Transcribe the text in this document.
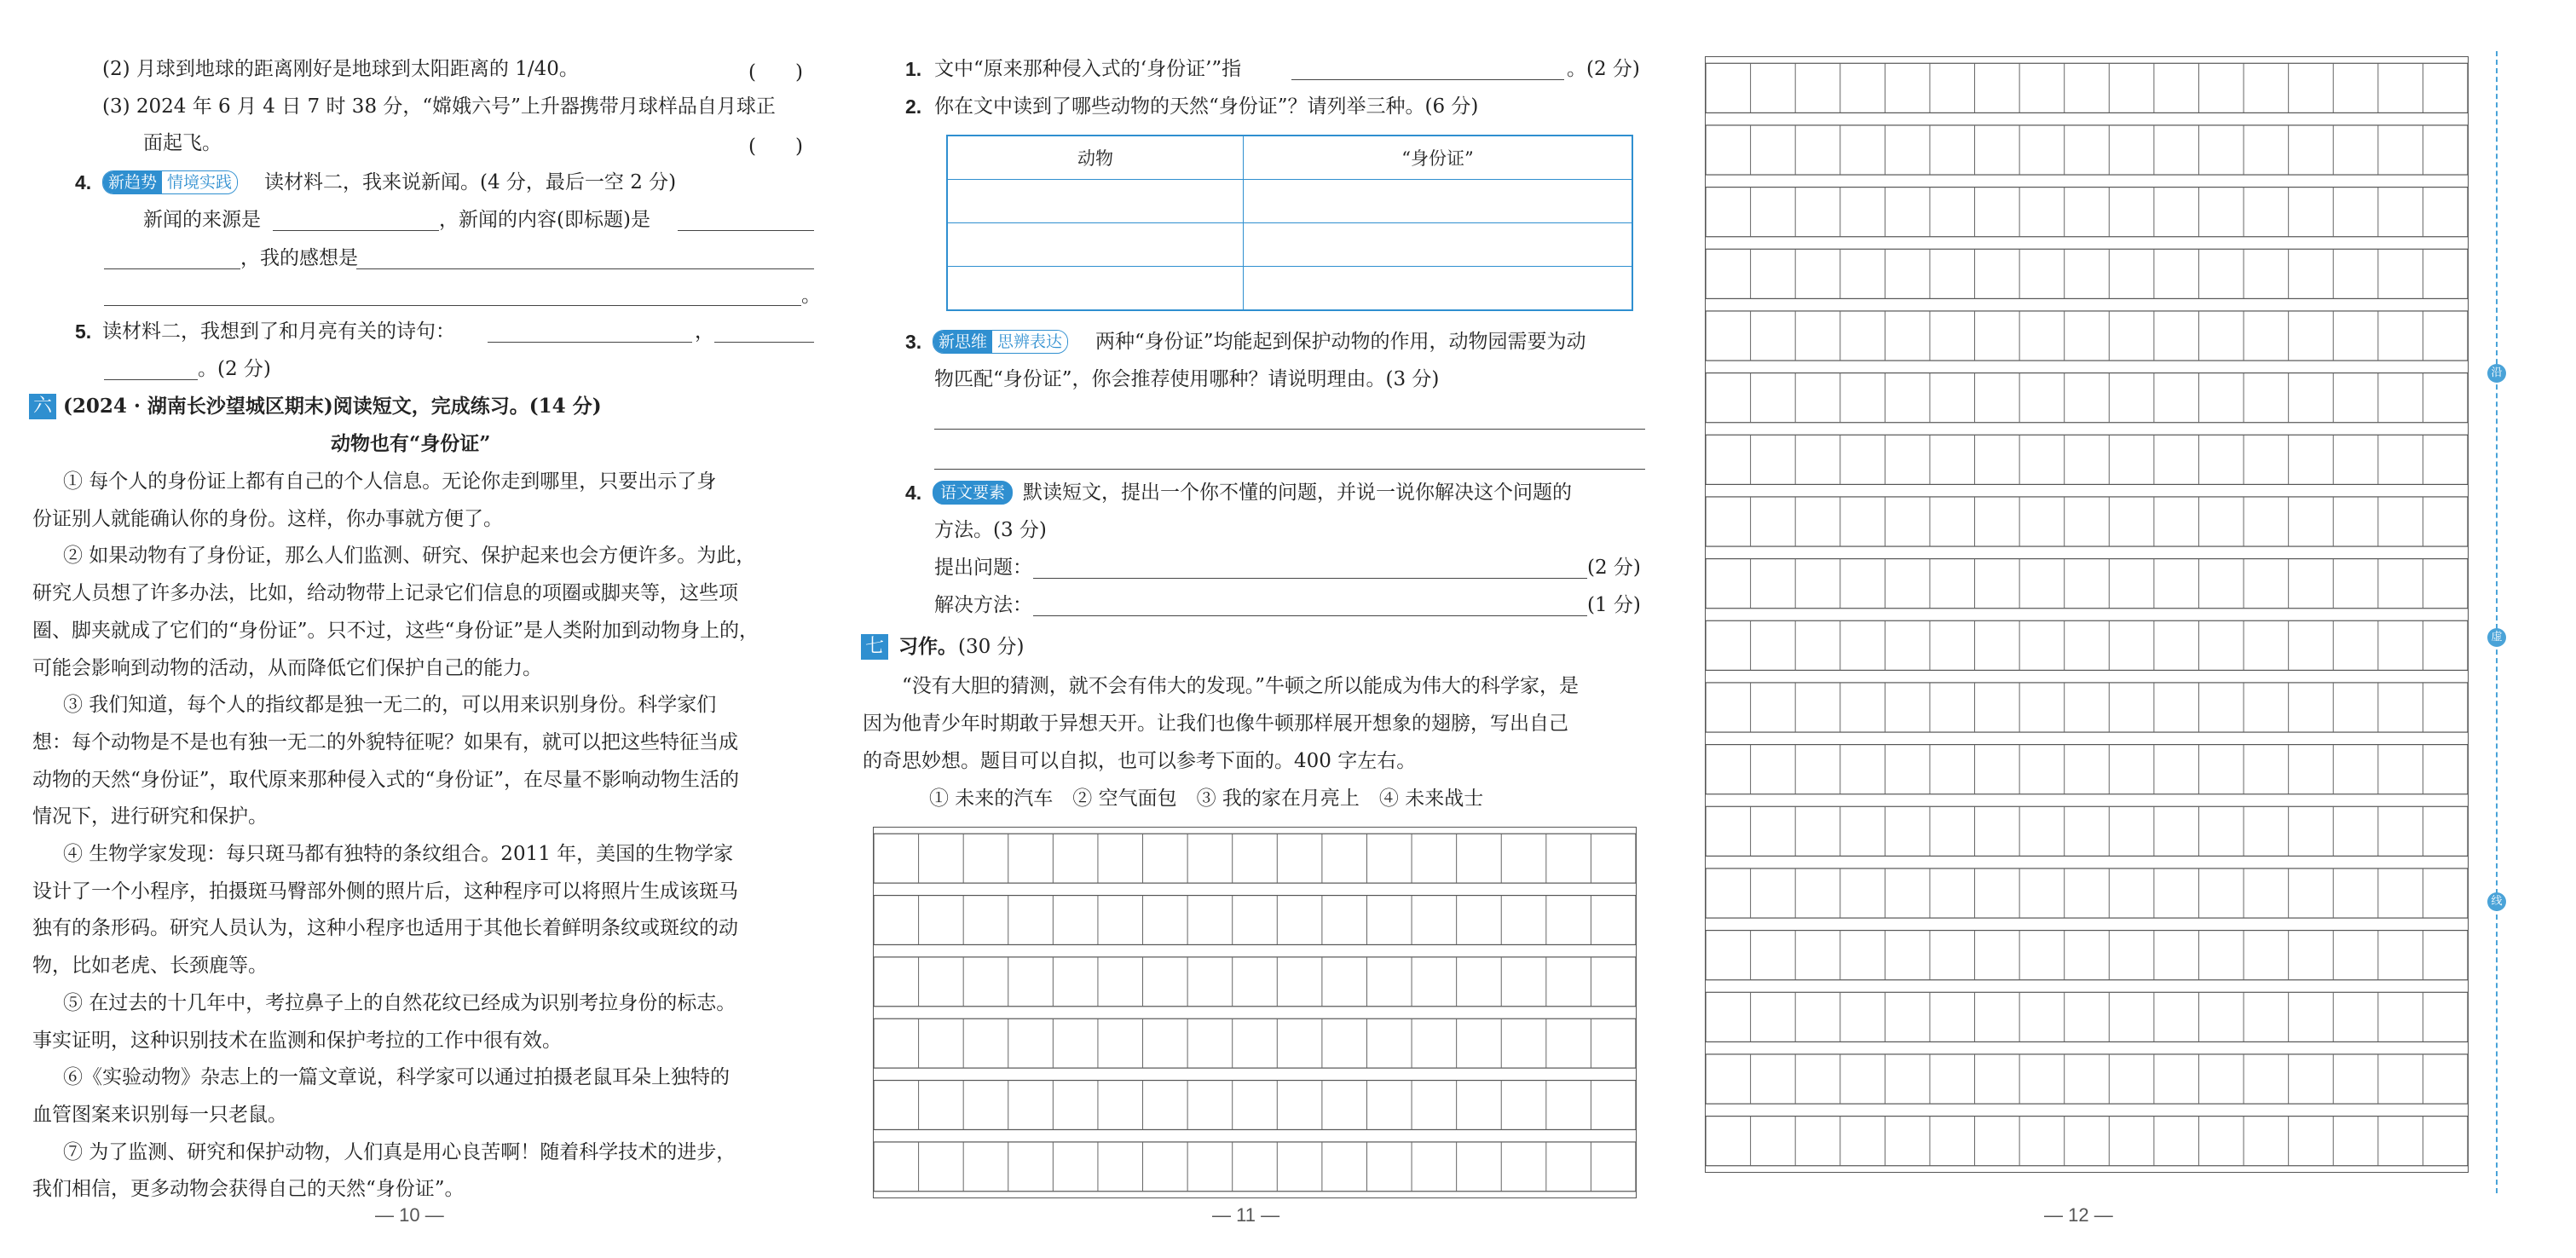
(2) 月球到地球的距离刚好是地球到太阳距离的 1/40。	(　　)
(3) 2024 年 6 月 4 日 7 时 38 分，“嫦娥六号”上升器携带月球样品自月球正
面起飞。	(　　)
4.	新趋势 情境实践 读材料二，我来说新闻。(4 分，最后一空 2 分)
新闻的来源是	，新闻的内容(即标题)是
，我的感想是
。
5. 读材料二，我想到了和月亮有关的诗句：	，
。(2 分)
六 (2024 · 湖南长沙望城区期末)阅读短文，完成练习。(14 分)
动物也有“身份证”
① 每个人的身份证上都有自己的个人信息。无论你走到哪里，只要出示了身
份证别人就能确认你的身份。这样，你办事就方便了。
② 如果动物有了身份证，那么人们监测、研究、保护起来也会方便许多。为此，
研究人员想了许多办法，比如，给动物带上记录它们信息的项圈或脚夹等，这些项
圈、脚夹就成了它们的“身份证”。只不过，这些“身份证”是人类附加到动物身上的，
可能会影响到动物的活动，从而降低它们保护自己的能力。
③ 我们知道，每个人的指纹都是独一无二的，可以用来识别身份。科学家们
想：每个动物是不是也有独一无二的外貌特征呢？如果有，就可以把这些特征当成
动物的天然“身份证”，取代原来那种侵入式的“身份证”，在尽量不影响动物生活的
情况下，进行研究和保护。
④ 生物学家发现：每只斑马都有独特的条纹组合。2011 年，美国的生物学家
设计了一个小程序，拍摄斑马臀部外侧的照片后，这种程序可以将照片生成该斑马
独有的条形码。研究人员认为，这种小程序也适用于其他长着鲜明条纹或斑纹的动
物，比如老虎、长颈鹿等。
⑤ 在过去的十几年中，考拉鼻子上的自然花纹已经成为识别考拉身份的标志。
事实证明，这种识别技术在监测和保护考拉的工作中很有效。
⑥《实验动物》杂志上的一篇文章说，科学家可以通过拍摄老鼠耳朵上独特的
血管图案来识别每一只老鼠。
⑦ 为了监测、研究和保护动物，人们真是用心良苦啊！随着科学技术的进步，
我们相信，更多动物会获得自己的天然“身份证”。
— 10 —
1. 文中“原来那种侵入式的‘身份证’”指	。(2 分)
2. 你在文中读到了哪些动物的天然“身份证”？请列举三种。(6 分)
动物	“身份证”

3.	新思维 思辨表达 两种“身份证”均能起到保护动物的作用，动物园需要为动
物匹配“身份证”，你会推荐使用哪种？请说明理由。(3 分)
4.	语文要素 默读短文，提出一个你不懂的问题，并说一说你解决这个问题的
方法。(3 分)
提出问题：	(2 分)
解决方法：	(1 分)
七 习作。 (30 分)
“没有大胆的猜测，就不会有伟大的发现。”牛顿之所以能成为伟大的科学家，是
因为他青少年时期敢于异想天开。让我们也像牛顿那样展开想象的翅膀，写出自己
的奇思妙想。题目可以自拟，也可以参考下面的。400 字左右。
① 未来的汽车　② 空气面包　③ 我的家在月亮上　④ 未来战士
— 11 —
沿
虚
线
— 12 —
